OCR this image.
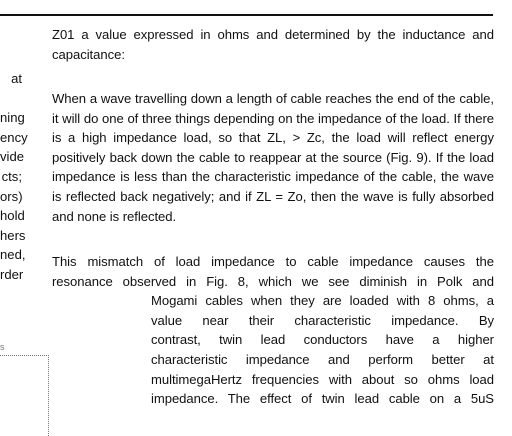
at
ning
ency
vide
cts;
ors)
hold
hers
ned,
rder

Z01 a value expressed in ohms and determined by the inductance and capacitance:

When a wave travelling down a length of cable reaches the end of the cable, it will do one of three things depending on the impedance of the load. If there is a high impedance load, so that ZL, > Zc, the load will reflect energy positively back down the cable to reappear at the source (Fig. 9). If the load impedance is less than the characteristic impedance of the cable, the wave is reflected back negatively; and if ZL = Zo, then the wave is fully absorbed and none is reflected.

This mismatch of load impedance to cable impedance causes the
resonance observed in Fig. 8, which we see diminish in Polk and
Mogami cables when they are loaded with 8 ohms, a
value near their characteristic impedance. By
contrast, twin lead conductors have a higher
characteristic impedance and perform better at
multimegaHertz frequencies with about so ohms load
impedance. The effect of twin lead cable on a 5uS
s
